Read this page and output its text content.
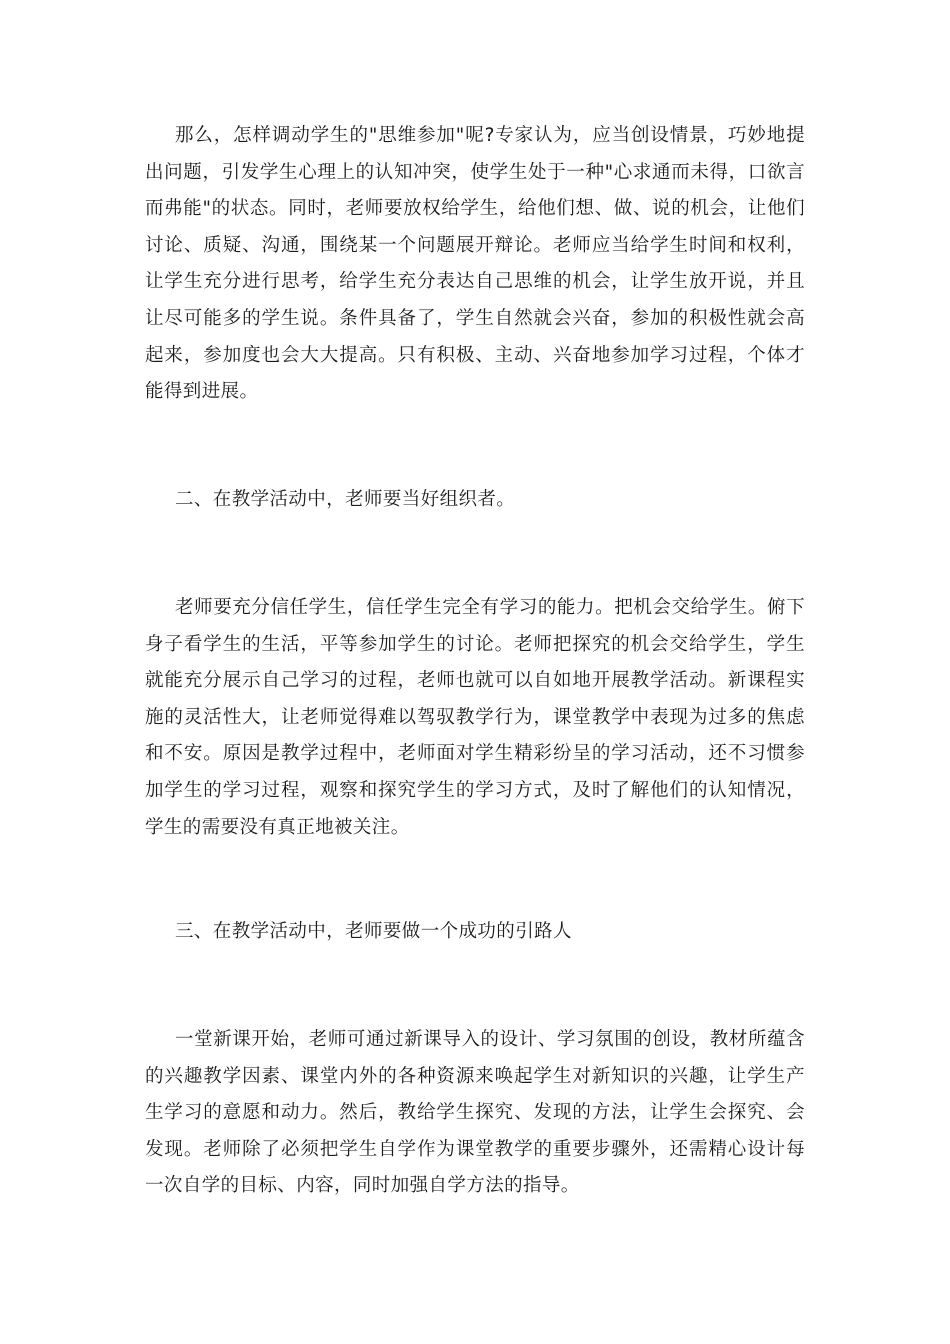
那么，怎样调动学生的"思维参加"呢?专家认为，应当创设情景，巧妙地提出问题，引发学生心理上的认知冲突，使学生处于一种"心求通而未得，口欲言而弗能"的状态。同时，老师要放权给学生，给他们想、做、说的机会，让他们讨论、质疑、沟通，围绕某一个问题展开辩论。老师应当给学生时间和权利，让学生充分进行思考，给学生充分表达自己思维的机会，让学生放开说，并且让尽可能多的学生说。条件具备了，学生自然就会兴奋，参加的积极性就会高起来，参加度也会大大提高。只有积极、主动、兴奋地参加学习过程，个体才能得到进展。

二、在教学活动中，老师要当好组织者。

老师要充分信任学生，信任学生完全有学习的能力。把机会交给学生。俯下身子看学生的生活，平等参加学生的讨论。老师把探究的机会交给学生，学生就能充分展示自己学习的过程，老师也就可以自如地开展教学活动。新课程实施的灵活性大，让老师觉得难以驾驭教学行为，课堂教学中表现为过多的焦虑和不安。原因是教学过程中，老师面对学生精彩纷呈的学习活动，还不习惯参加学生的学习过程，观察和探究学生的学习方式，及时了解他们的认知情况，学生的需要没有真正地被关注。

三、在教学活动中，老师要做一个成功的引路人

一堂新课开始，老师可通过新课导入的设计、学习氛围的创设，教材所蕴含的兴趣教学因素、课堂内外的各种资源来唤起学生对新知识的兴趣，让学生产生学习的意愿和动力。然后，教给学生探究、发现的方法，让学生会探究、会发现。老师除了必须把学生自学作为课堂教学的重要步骤外，还需精心设计每一次自学的目标、内容，同时加强自学方法的指导。
